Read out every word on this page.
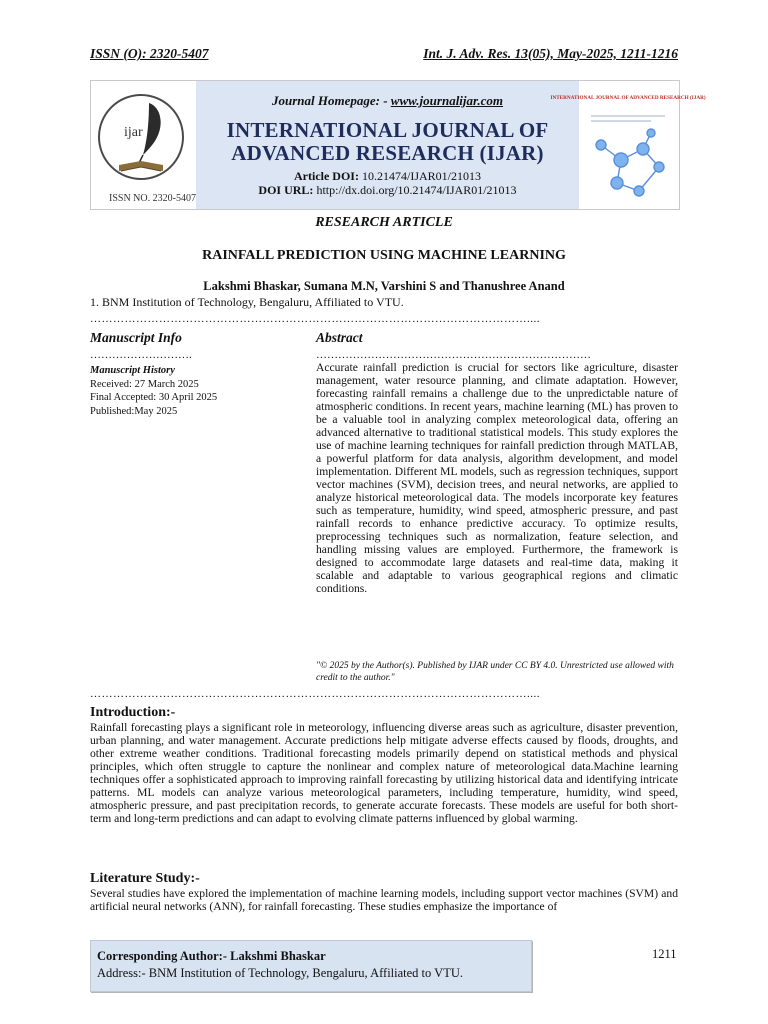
ISSN (O): 2320-5407	Int. J. Adv. Res. 13(05), May-2025, 1211-1216
ISSN NO. 2320-5407
ijar
Journal Homepage: - www.journalijar.com
INTERNATIONAL JOURNAL OF
ADVANCED RESEARCH (IJAR)
Article DOI: 10.21474/IJAR01/21013
DOI URL: http://dx.doi.org/10.21474/IJAR01/21013
INTERNATIONAL JOURNAL OF ADVANCED RESEARCH (IJAR)
RESEARCH ARTICLE
RAINFALL PREDICTION USING MACHINE LEARNING
Lakshmi Bhaskar, Sumana M.N, Varshini S and Thanushree Anand
1. BNM Institution of Technology, Bengaluru, Affiliated to VTU.
……………………………………………………………………………………………………....
Manuscript Info
……………………….
Manuscript History
Received: 27 March 2025
Final Accepted: 30 April 2025
Published:May 2025
Abstract
…………………………………………………………………
Accurate rainfall prediction is crucial for sectors like agriculture, disaster management, water resource planning, and climate adaptation. However, forecasting rainfall remains a challenge due to the unpredictable nature of atmospheric conditions. In recent years, machine learning (ML) has proven to be a valuable tool in analyzing complex meteorological data, offering an advanced alternative to traditional statistical models. This study explores the use of machine learning techniques for rainfall prediction through MATLAB, a powerful platform for data analysis, algorithm development, and model implementation. Different ML models, such as regression techniques, support vector machines (SVM), decision trees, and neural networks, are applied to analyze historical meteorological data. The models incorporate key features such as temperature, humidity, wind speed, atmospheric pressure, and past rainfall records to enhance predictive accuracy. To optimize results, preprocessing techniques such as normalization, feature selection, and handling missing values are employed. Furthermore, the framework is designed to accommodate large datasets and real-time data, making it scalable and adaptable to various geographical regions and climatic conditions.
"© 2025 by the Author(s). Published by IJAR under CC BY 4.0. Unrestricted use allowed with credit to the author."
……………………………………………………………………………………………………....
Introduction:-
Rainfall forecasting plays a significant role in meteorology, influencing diverse areas such as agriculture, disaster prevention, urban planning, and water management. Accurate predictions help mitigate adverse effects caused by floods, droughts, and other extreme weather conditions. Traditional forecasting models primarily depend on statistical methods and physical principles, which often struggle to capture the nonlinear and complex nature of meteorological data.Machine learning techniques offer a sophisticated approach to improving rainfall forecasting by utilizing historical data and identifying intricate patterns. ML models can analyze various meteorological parameters, including temperature, humidity, wind speed, atmospheric pressure, and past precipitation records, to generate accurate forecasts. These models are useful for both short-term and long-term predictions and can adapt to evolving climate patterns influenced by global warming.
Literature Study:-
Several studies have explored the implementation of machine learning models, including support vector machines (SVM) and artificial neural networks (ANN), for rainfall forecasting. These studies emphasize the importance of
Corresponding Author:- Lakshmi Bhaskar
Address:- BNM Institution of Technology, Bengaluru, Affiliated to VTU.
1211
